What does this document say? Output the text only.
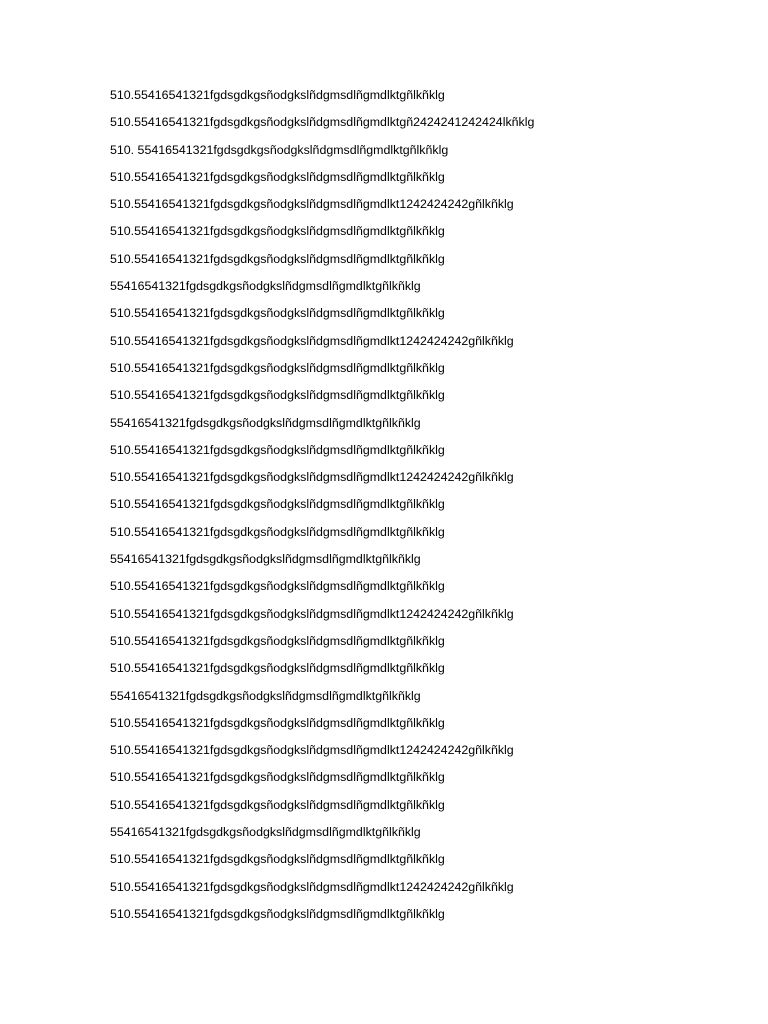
510.55416541321fgdsgdkgsñodgkslñdgmsdlñgmdlktgñlkñklg
510.55416541321fgdsgdkgsñodgkslñdgmsdlñgmdlktgñ2424241242424lkñklg
510. 55416541321fgdsgdkgsñodgkslñdgmsdlñgmdlktgñlkñklg
510.55416541321fgdsgdkgsñodgkslñdgmsdlñgmdlktgñlkñklg
510.55416541321fgdsgdkgsñodgkslñdgmsdlñgmdlkt1242424242gñlkñklg
510.55416541321fgdsgdkgsñodgkslñdgmsdlñgmdlktgñlkñklg
510.55416541321fgdsgdkgsñodgkslñdgmsdlñgmdlktgñlkñklg
55416541321fgdsgdkgsñodgkslñdgmsdlñgmdlktgñlkñklg
510.55416541321fgdsgdkgsñodgkslñdgmsdlñgmdlktgñlkñklg
510.55416541321fgdsgdkgsñodgkslñdgmsdlñgmdlkt1242424242gñlkñklg
510.55416541321fgdsgdkgsñodgkslñdgmsdlñgmdlktgñlkñklg
510.55416541321fgdsgdkgsñodgkslñdgmsdlñgmdlktgñlkñklg
55416541321fgdsgdkgsñodgkslñdgmsdlñgmdlktgñlkñklg
510.55416541321fgdsgdkgsñodgkslñdgmsdlñgmdlktgñlkñklg
510.55416541321fgdsgdkgsñodgkslñdgmsdlñgmdlkt1242424242gñlkñklg
510.55416541321fgdsgdkgsñodgkslñdgmsdlñgmdlktgñlkñklg
510.55416541321fgdsgdkgsñodgkslñdgmsdlñgmdlktgñlkñklg
55416541321fgdsgdkgsñodgkslñdgmsdlñgmdlktgñlkñklg
510.55416541321fgdsgdkgsñodgkslñdgmsdlñgmdlktgñlkñklg
510.55416541321fgdsgdkgsñodgkslñdgmsdlñgmdlkt1242424242gñlkñklg
510.55416541321fgdsgdkgsñodgkslñdgmsdlñgmdlktgñlkñklg
510.55416541321fgdsgdkgsñodgkslñdgmsdlñgmdlktgñlkñklg
55416541321fgdsgdkgsñodgkslñdgmsdlñgmdlktgñlkñklg
510.55416541321fgdsgdkgsñodgkslñdgmsdlñgmdlktgñlkñklg
510.55416541321fgdsgdkgsñodgkslñdgmsdlñgmdlkt1242424242gñlkñklg
510.55416541321fgdsgdkgsñodgkslñdgmsdlñgmdlktgñlkñklg
510.55416541321fgdsgdkgsñodgkslñdgmsdlñgmdlktgñlkñklg
55416541321fgdsgdkgsñodgkslñdgmsdlñgmdlktgñlkñklg
510.55416541321fgdsgdkgsñodgkslñdgmsdlñgmdlktgñlkñklg
510.55416541321fgdsgdkgsñodgkslñdgmsdlñgmdlkt1242424242gñlkñklg
510.55416541321fgdsgdkgsñodgkslñdgmsdlñgmdlktgñlkñklg
